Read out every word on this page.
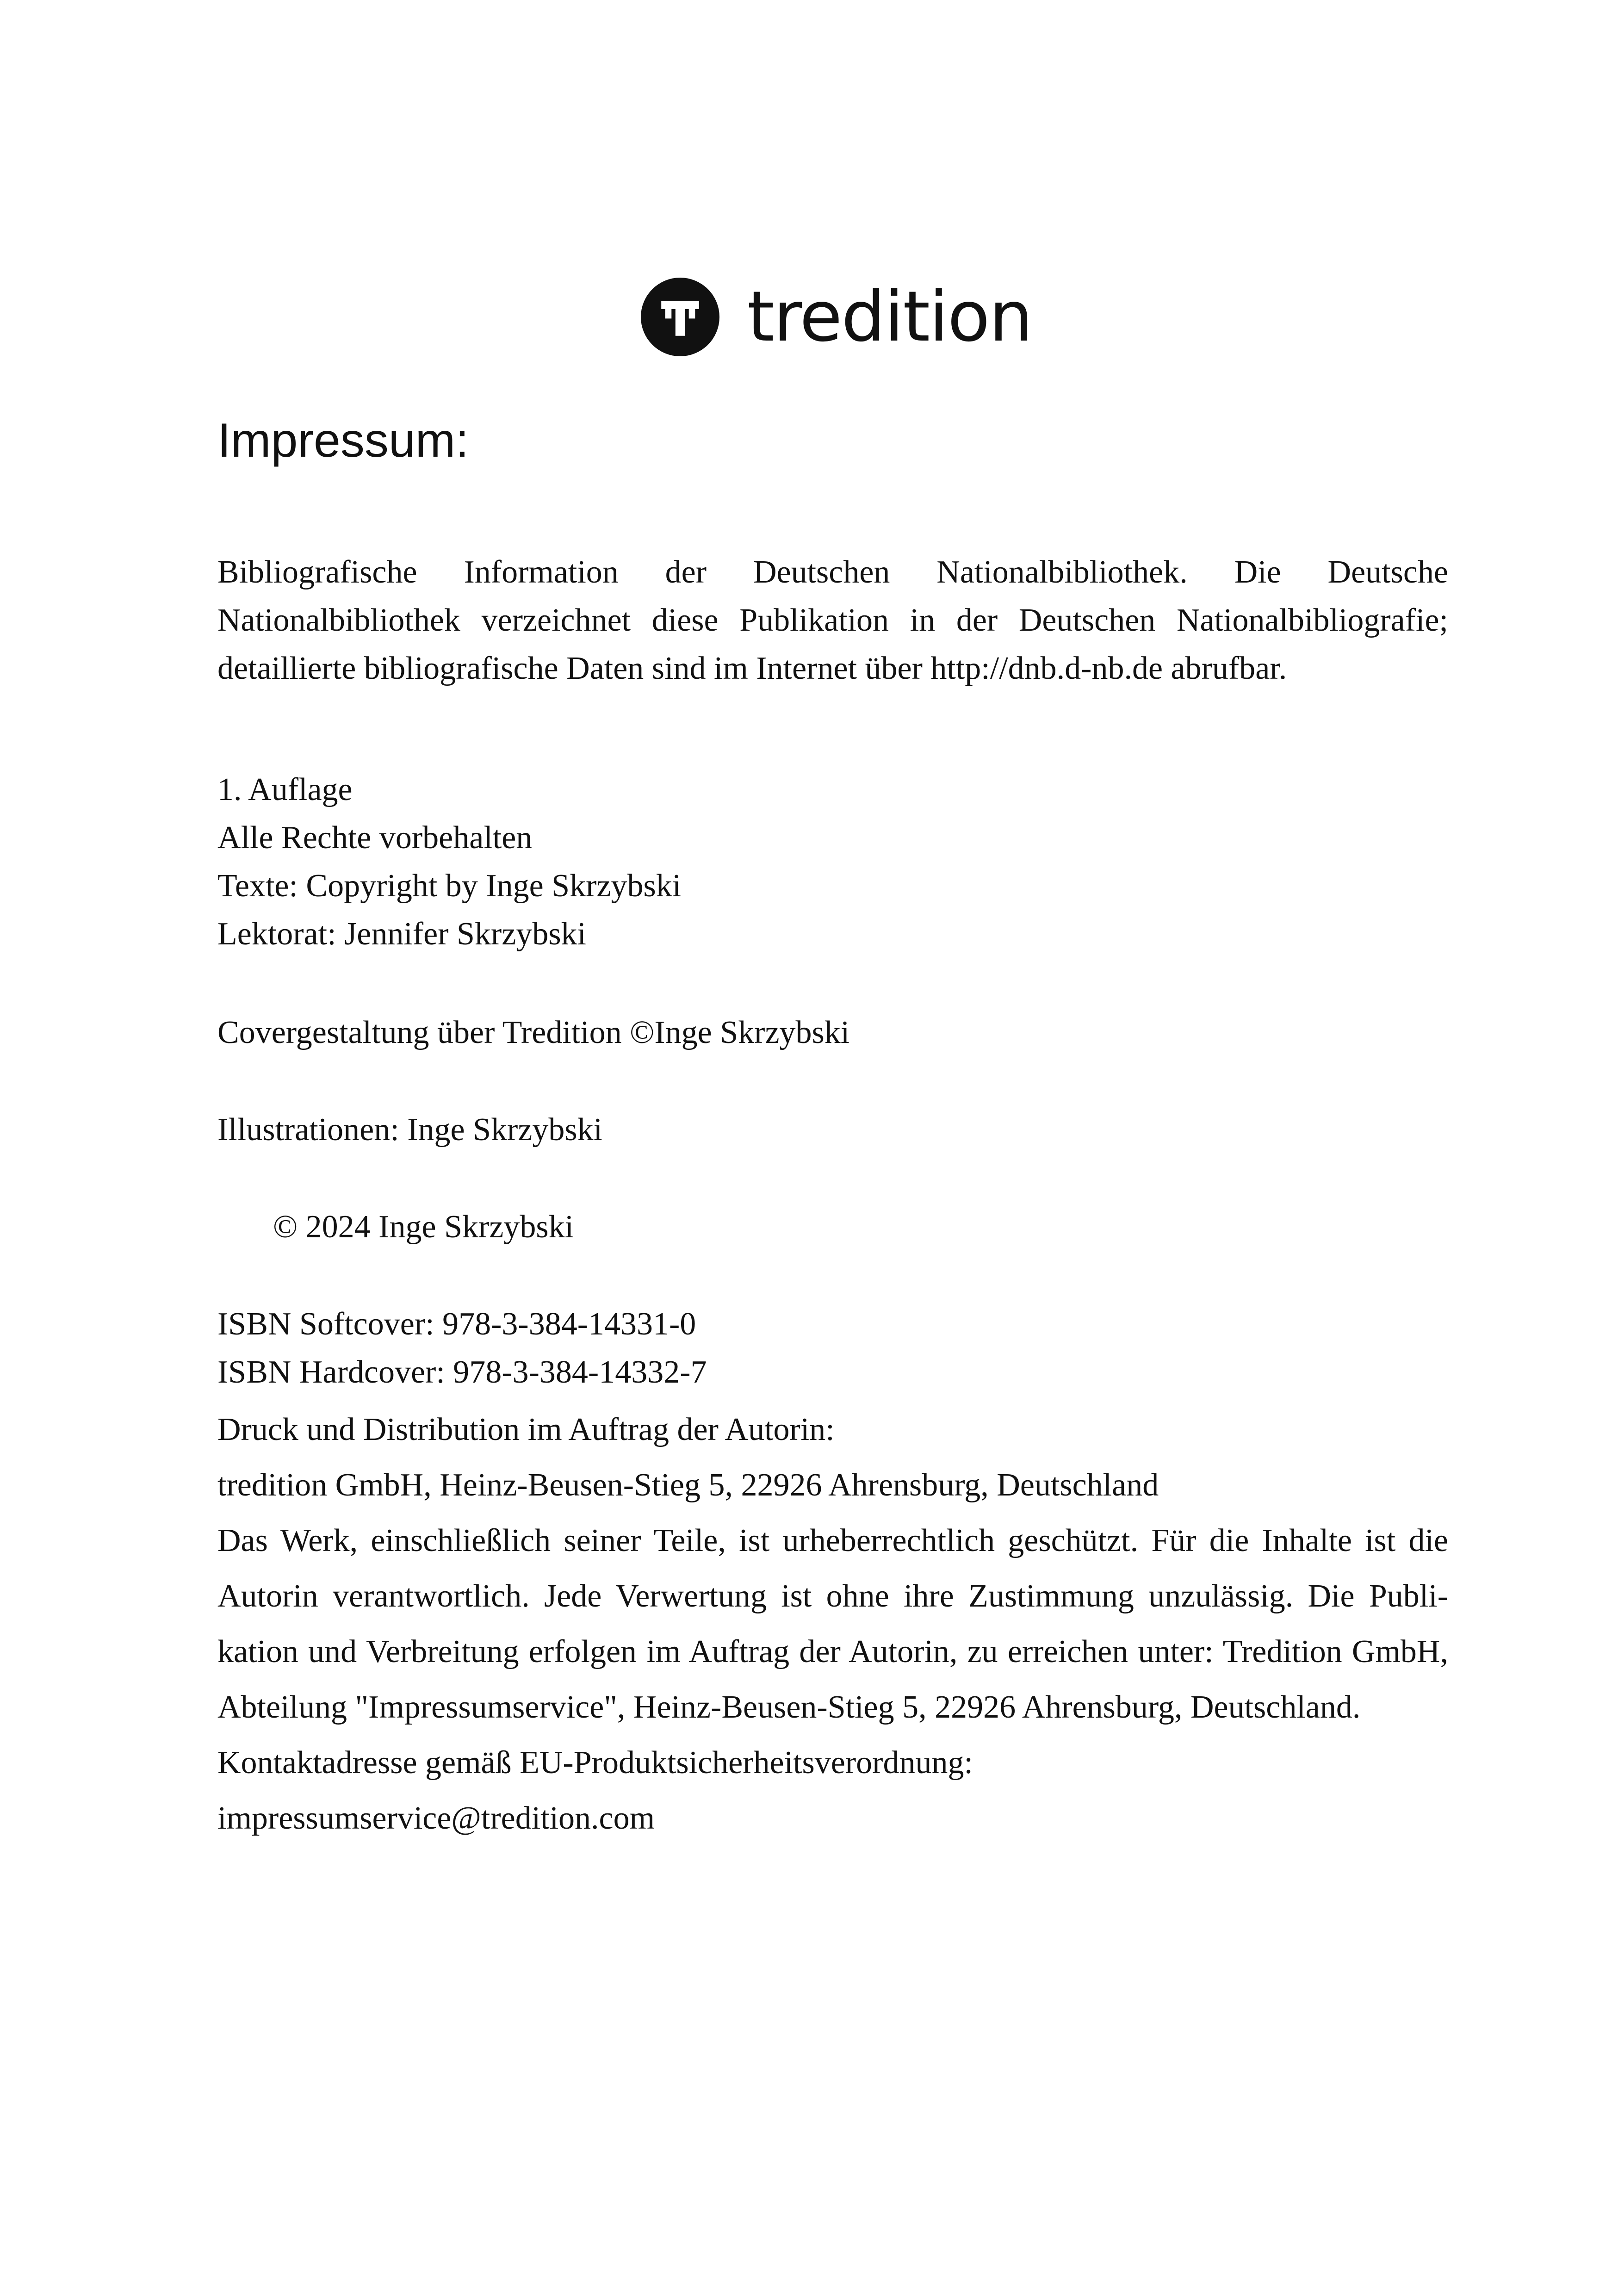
tredition
Impressum:

Bibliografische Information der Deutschen Nationalbibliothek. Die Deutsche Nationalbibliothek verzeichnet diese Publikation in der Deutschen Nationalbibliografie; detaillierte bibliografische Daten sind im Internet über http://dnb.d-nb.de abrufbar.

1. Auflage
Alle Rechte vorbehalten
Texte: Copyright by Inge Skrzybski
Lektorat: Jennifer Skrzybski
Covergestaltung über Tredition ©Inge Skrzybski
Illustrationen: Inge Skrzybski
© 2024 Inge Skrzybski
ISBN Softcover: 978-3-384-14331-0
ISBN Hardcover: 978-3-384-14332-7
Druck und Distribution im Auftrag der Autorin:
tredition GmbH, Heinz-Beusen-Stieg 5, 22926 Ahrensburg, Deutschland
Das Werk, einschließlich seiner Teile, ist urheberrechtlich geschützt. Für die Inhalte ist die Autorin verantwortlich. Jede Verwertung ist ohne ihre Zustimmung unzulässig. Die Publikation und Verbreitung erfolgen im Auftrag der Autorin, zu erreichen unter: Tredition GmbH, Abteilung "Impressumservice", Heinz-Beusen-Stieg 5, 22926 Ahrensburg, Deutschland.
Kontaktadresse gemäß EU-Produktsicherheitsverordnung:
impressumservice@tredition.com
